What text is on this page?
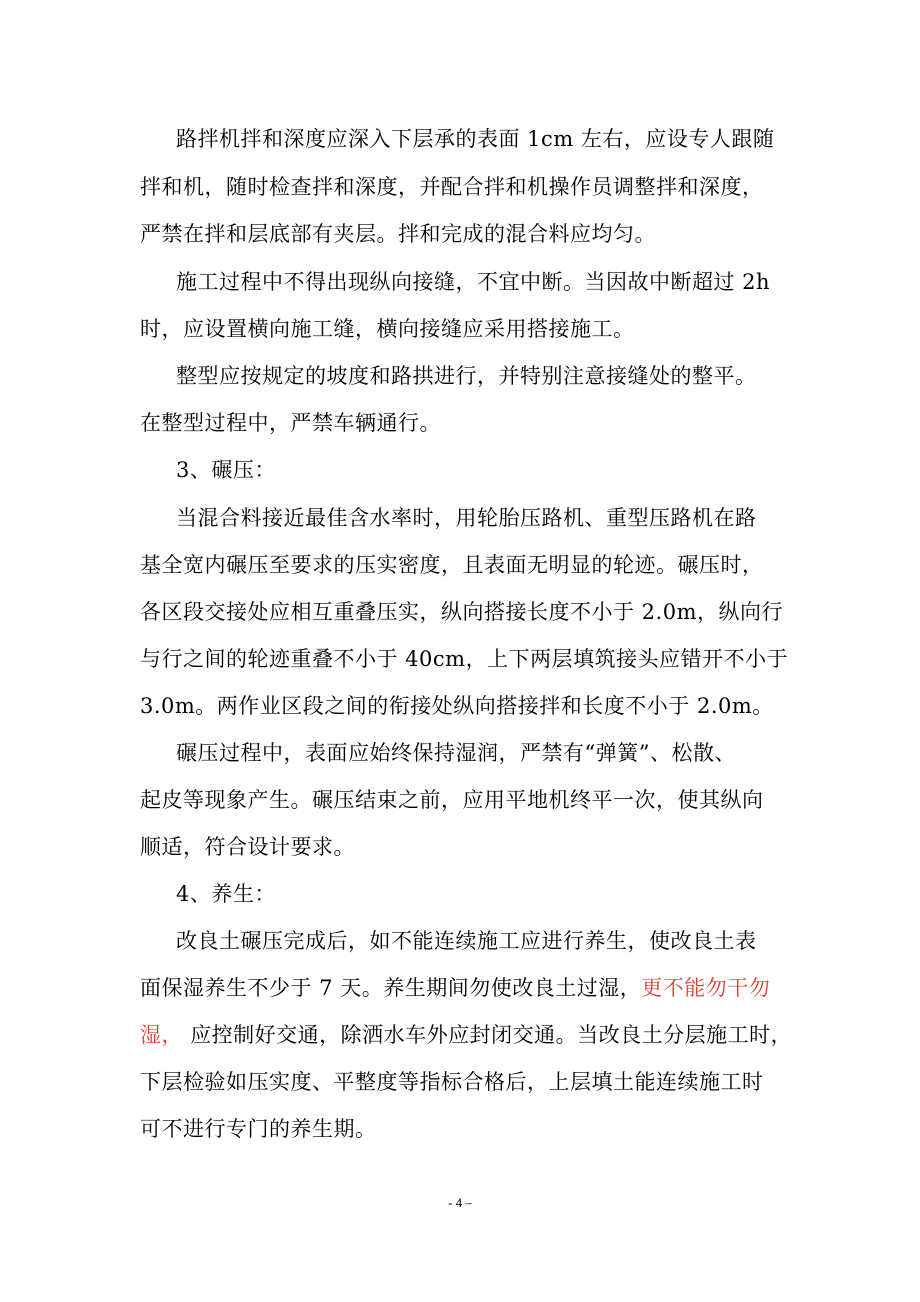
路拌机拌和深度应深入下层承的表面 1cm 左右，应设专人跟随
拌和机，随时检查拌和深度，并配合拌和机操作员调整拌和深度，
严禁在拌和层底部有夹层。拌和完成的混合料应均匀。
施工过程中不得出现纵向接缝，不宜中断。当因故中断超过 2h
时，应设置横向施工缝，横向接缝应采用搭接施工。
整型应按规定的坡度和路拱进行，并特别注意接缝处的整平。
在整型过程中，严禁车辆通行。
3、碾压：
当混合料接近最佳含水率时，用轮胎压路机、重型压路机在路
基全宽内碾压至要求的压实密度，且表面无明显的轮迹。碾压时，
各区段交接处应相互重叠压实，纵向搭接长度不小于 2.0m，纵向行
与行之间的轮迹重叠不小于 40cm，上下两层填筑接头应错开不小于
3.0m。两作业区段之间的衔接处纵向搭接拌和长度不小于 2.0m。
碾压过程中，表面应始终保持湿润，严禁有“弹簧”、松散、
起皮等现象产生。碾压结束之前，应用平地机终平一次，使其纵向
顺适，符合设计要求。
4、养生：
改良土碾压完成后，如不能连续施工应进行养生，使改良土表
面保湿养生不少于 7 天。养生期间勿使改良土过湿，更不能勿干勿
湿， 应控制好交通，除洒水车外应封闭交通。当改良土分层施工时，
下层检验如压实度、平整度等指标合格后，上层填土能连续施工时
可不进行专门的养生期。
- 4 –
